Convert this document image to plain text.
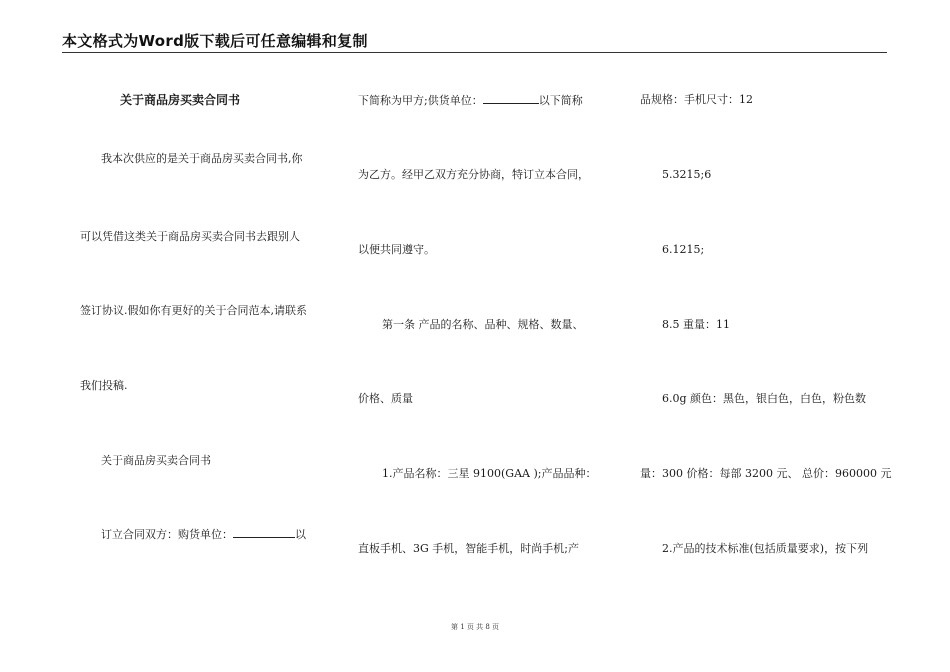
本文格式为Word版下载后可任意编辑和复制
关于商品房买卖合同书
我本次供应的是关于商品房买卖合同书,你
可以凭借这类关于商品房买卖合同书去跟别人
签订协议.假如你有更好的关于合同范本,请联系
我们投稿.
关于商品房买卖合同书
订立合同双方：购货单位：	以
下简称为甲方;供货单位：	以下简称
为乙方。经甲乙双方充分协商，特订立本合同，
以便共同遵守。
第一条 产品的名称、品种、规格、数量、
价格、质量
1.产品名称：三星 9100(GAA );产品品种：
直板手机、3G 手机，智能手机，时尚手机;产
品规格：手机尺寸：12
5.3215;6
6.1215;
8.5 重量：11
6.0g 颜色：黑色，银白色，白色，粉色数
量：300 价格：每部 3200 元、 总价：960000 元
2.产品的技术标准(包括质量要求)，按下列
第 1 页 共 8 页
